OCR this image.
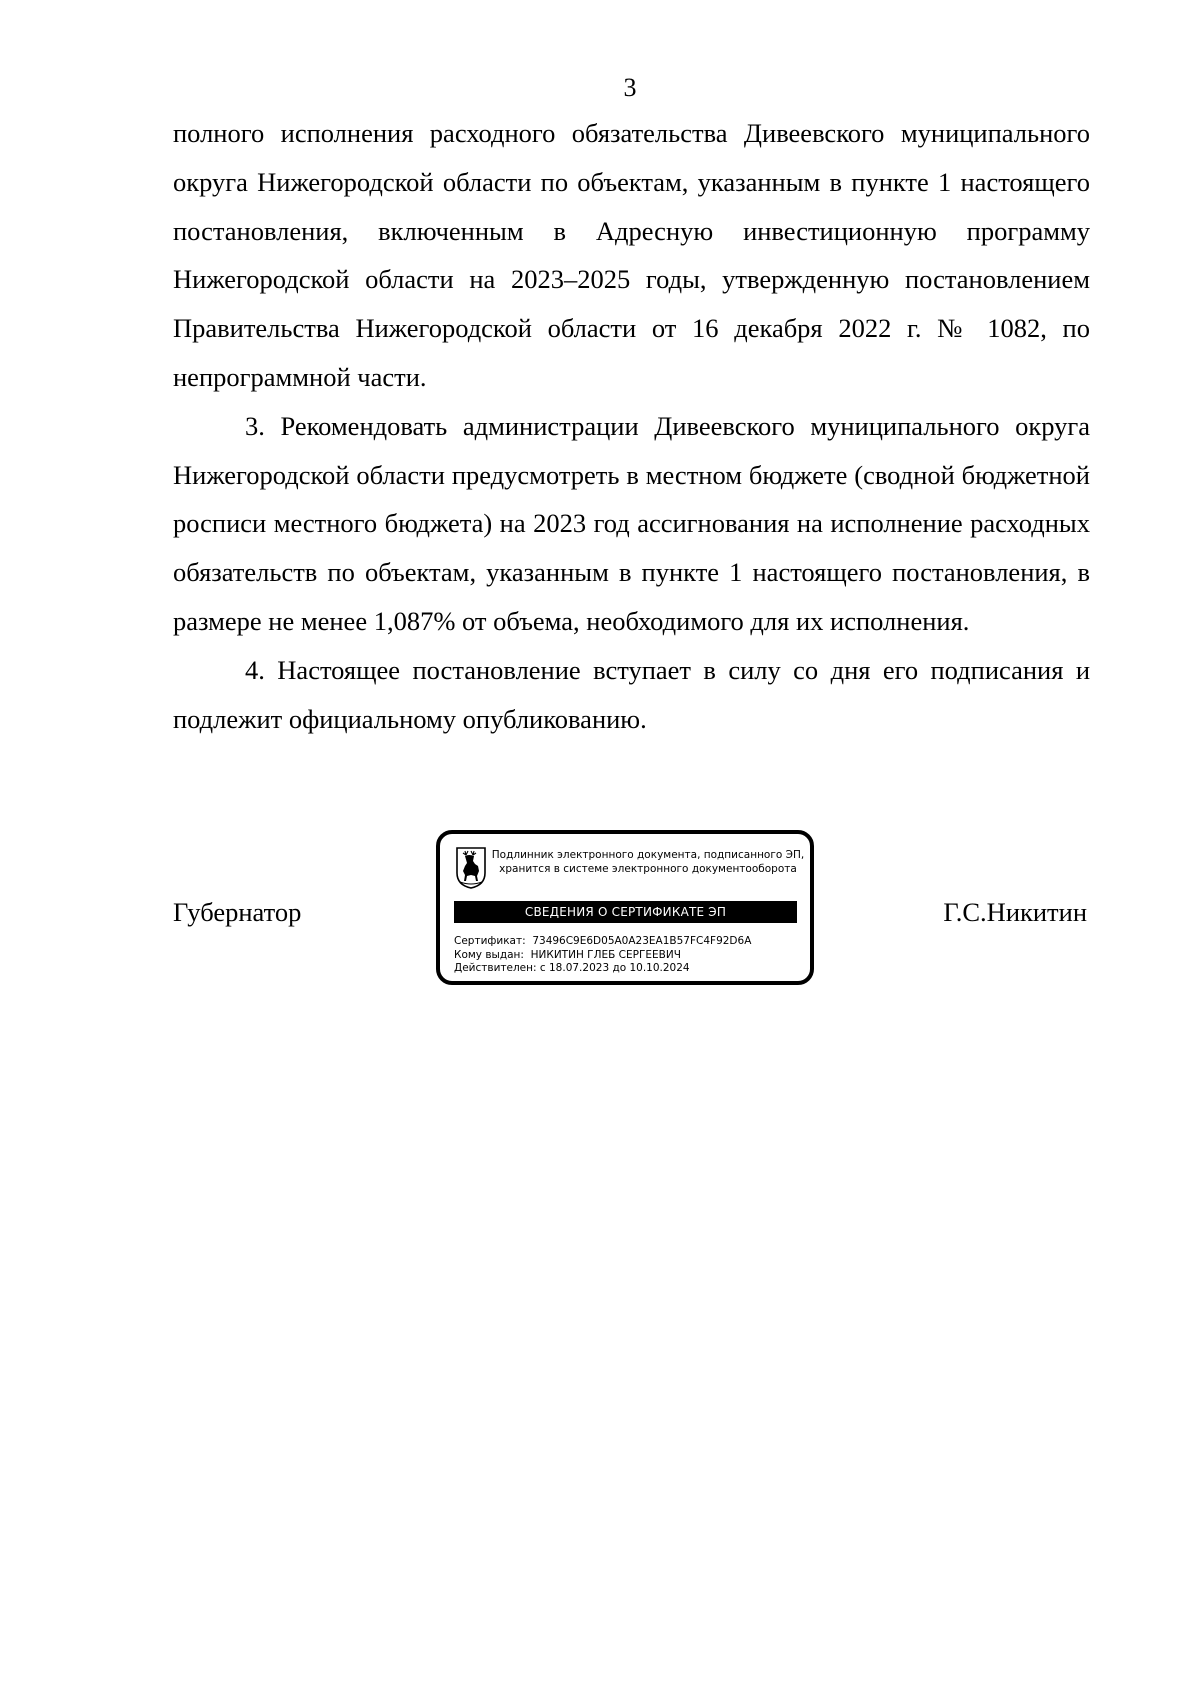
3

полного исполнения расходного обязательства Дивеевского муниципального округа Нижегородской области по объектам, указанным в пункте 1 настоящего постановления, включенным в Адресную инвестиционную программу Нижегородской области на 2023–2025 годы, утвержденную постановлением Правительства Нижегородской области от 16 декабря 2022 г. № 1082, по непрограммной части.

3. Рекомендовать администрации Дивеевского муниципального округа Нижегородской области предусмотреть в местном бюджете (сводной бюджетной росписи местного бюджета) на 2023 год ассигнования на исполнение расходных обязательств по объектам, указанным в пункте 1 настоящего постановления, в размере не менее 1,087% от объема, необходимого для их исполнения.

4. Настоящее постановление вступает в силу со дня его подписания и подлежит официальному опубликованию.

Губернатор
Подлинник электронного документа, подписанного ЭП,
хранится в системе электронного документооборота
СВЕДЕНИЯ О СЕРТИФИКАТЕ ЭП
Сертификат: 73496C9E6D05A0A23EA1B57FC4F92D6A
Кому выдан: НИКИТИН ГЛЕБ СЕРГЕЕВИЧ
Действителен: с 18.07.2023 до 10.10.2024
Г.С.Никитин
